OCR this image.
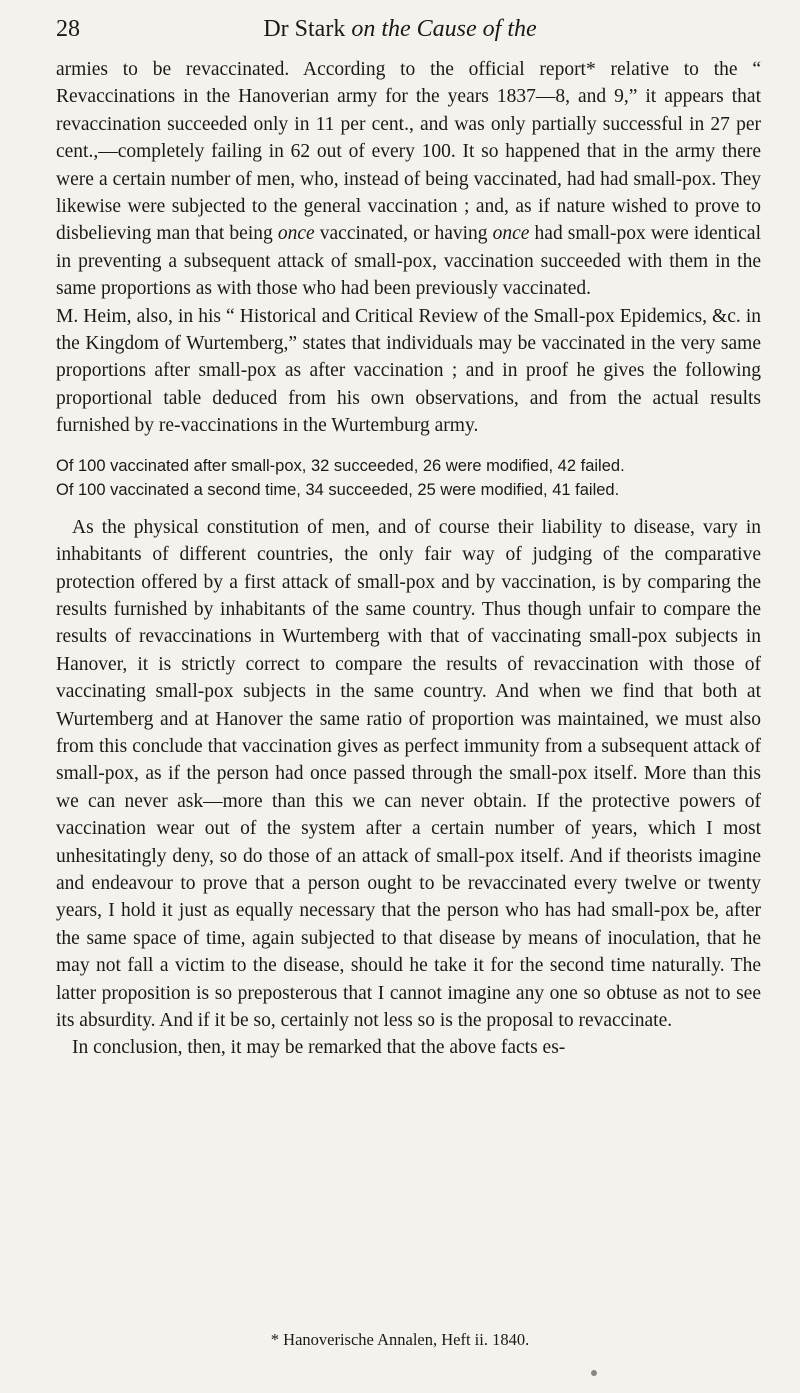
28	Dr Stark on the Cause of the

armies to be revaccinated. According to the official report* relative to the “ Revaccinations in the Hanoverian army for the years 1837—8, and 9,” it appears that revaccination succeeded only in 11 per cent., and was only partially successful in 27 per cent.,—completely failing in 62 out of every 100. It so happened that in the army there were a certain number of men, who, instead of being vaccinated, had had small-pox. They likewise were subjected to the general vaccination ; and, as if nature wished to prove to disbelieving man that being once vaccinated, or having once had small-pox were identical in preventing a subsequent attack of small-pox, vaccination succeeded with them in the same proportions as with those who had been previously vaccinated.

M. Heim, also, in his “ Historical and Critical Review of the Small-pox Epidemics, &c. in the Kingdom of Wurtemberg,” states that individuals may be vaccinated in the very same proportions after small-pox as after vaccination ; and in proof he gives the following proportional table deduced from his own observations, and from the actual results furnished by re-vaccinations in the Wurtemburg army.

Of 100 vaccinated after small-pox, 32 succeeded, 26 were modified, 42 failed.
Of 100 vaccinated a second time, 34 succeeded, 25 were modified, 41 failed.

As the physical constitution of men, and of course their liability to disease, vary in inhabitants of different countries, the only fair way of judging of the comparative protection offered by a first attack of small-pox and by vaccination, is by comparing the results furnished by inhabitants of the same country. Thus though unfair to compare the results of revaccinations in Wurtemberg with that of vaccinating small-pox subjects in Hanover, it is strictly correct to compare the results of revaccination with those of vaccinating small-pox subjects in the same country. And when we find that both at Wurtemberg and at Hanover the same ratio of proportion was maintained, we must also from this conclude that vaccination gives as perfect immunity from a subsequent attack of small-pox, as if the person had once passed through the small-pox itself. More than this we can never ask—more than this we can never obtain. If the protective powers of vaccination wear out of the system after a certain number of years, which I most unhesitatingly deny, so do those of an attack of small-pox itself. And if theorists imagine and endeavour to prove that a person ought to be revaccinated every twelve or twenty years, I hold it just as equally necessary that the person who has had small-pox be, after the same space of time, again subjected to that disease by means of inoculation, that he may not fall a victim to the disease, should he take it for the second time naturally. The latter proposition is so preposterous that I cannot imagine any one so obtuse as not to see its absurdity. And if it be so, certainly not less so is the proposal to revaccinate.

In conclusion, then, it may be remarked that the above facts es-

* Hanoverische Annalen, Heft ii. 1840.
